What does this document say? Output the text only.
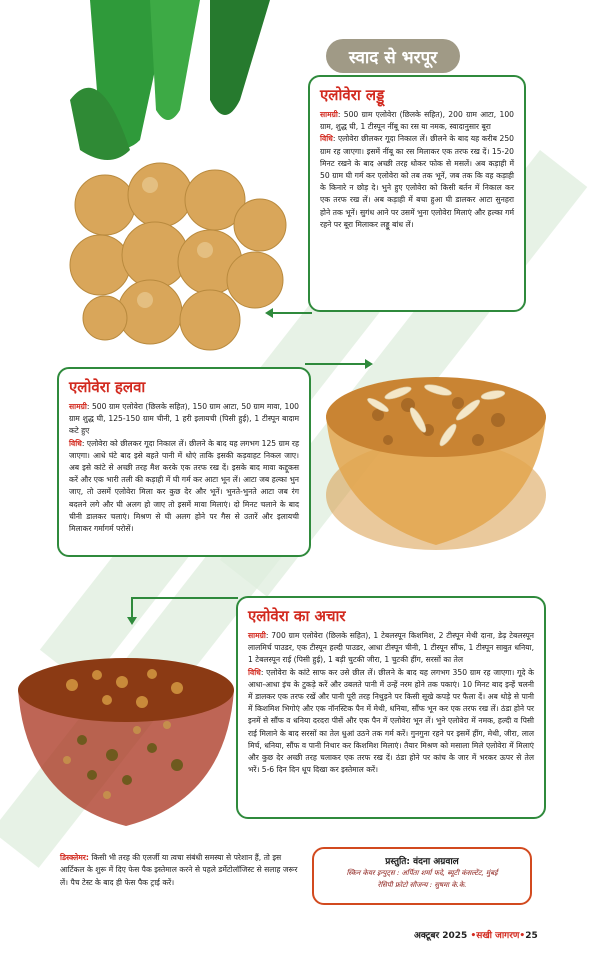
स्वाद से भरपूर
एलोवेरा लड्डू

सामग्री: 500 ग्राम एलोवेरा (छिलके सहित), 200 ग्राम आटा, 100 ग्राम, शुद्ध घी, 1 टीस्पून नींबू का रस या नमक, स्वादानुसार बूरा
विधि: एलोवेरा छीलकर गूदा निकाल लें। छीलने के बाद यह करीब 250 ग्राम रह जाएगा। इसमें नींबू का रस मिलाकर एक तरफ रख दें। 15-20 मिनट रखने के बाद अच्छी तरह धोकर फोक से मसलें। अब कड़ाही में 50 ग्राम घी गर्म कर एलोवेरा को तब तक भूनें, जब तक कि वह कड़ाही के किनारे न छोड़ दे। भुने हुए एलोवेरा को किसी बर्तन में निकाल कर एक तरफ रख लें। अब कड़ाही में बचा हुआ घी डालकर आटा सुनहरा होने तक भूनें। सुगंध आने पर उसमें भुना एलोवेरा मिलाएं और हल्का गर्म रहने पर बूरा मिलाकर लड्डू बांध लें।

एलोवेरा हलवा

सामग्री: 500 ग्राम एलोवेरा (छिलके सहित), 150 ग्राम आटा, 50 ग्राम मावा, 100 ग्राम शुद्ध घी, 125-150 ग्राम चीनी, 1 हरी इलायची (पिसी हुई), 1 टीस्पून बादाम कटे हुए
विधि: एलोवेरा को छीलकर गूदा निकाल लें। छीलने के बाद यह लगभग 125 ग्राम रह जाएगा। आधे घंटे बाद इसे बहते पानी में धोएं ताकि इसकी कड़वाहट निकल जाए। अब इसे कांटे से अच्छी तरह मैश करके एक तरफ रख दें। इसके बाद मावा कद्दूकस करें और एक भारी तली की कड़ाही में घी गर्म कर आटा भून लें। आटा जब हल्का भुन जाए, तो उसमें एलोवेरा मिला कर कुछ देर और भूनें। भुनते-भुनते आटा जब रंग बदलने लगे और घी अलग हो जाए तो इसमें मावा मिलाएं। दो मिनट चलाने के बाद चीनी डालकर चलाएं। मिश्रण से घी अलग होने पर गैस से उतारें और इलायची मिलाकर गर्मागर्म परोसें।

एलोवेरा का अचार

सामग्री: 700 ग्राम एलोवेरा (छिलके सहित), 1 टेबलस्पून किशमिश, 2 टीस्पून मेथी दाना, डेढ़ टेबलस्पून लालमिर्च पाउडर, एक टीस्पून हल्दी पाउडर, आधा टीस्पून चीनी, 1 टीस्पून सौंफ, 1 टीस्पून साबुत धनिया, 1 टेबलस्पून राई (पिसी हुई), 1 बड़ी चुटकी जीरा, 1 चुटकी हींग, सरसों का तेल
विधि: एलोवेरा के कांटे साफ कर उसे छील लें। छीलने के बाद यह लगभग 350 ग्राम रह जाएगा। गूदे के आधा-आधा इंच के टुकड़े करें और उबलते पानी में उन्हें नरम होने तक पकाएं। 10 मिनट बाद इन्हें चलनी में डालकर एक तरफ रखें और पानी पूरी तरह निथुड़ने पर किसी सूखे कपड़े पर फैला दें। अब थोड़े से पानी में किशमिश भिगोएं और एक नॉनस्टिक पैन में मेथी, धनिया, सौंफ भून कर एक तरफ रख लें। ठंडा होने पर इनमें से सौंफ व धनिया दरदरा पीसें और एक पैन में एलोवेरा भून लें। भुने एलोवेरा में नमक, हल्दी व पिसी राई मिलाने के बाद सरसों का तेल धुआं उठने तक गर्म करें। गुनगुना रहने पर इसमें हींग, मेथी, जीरा, लाल मिर्च, धनिया, सौंफ व पानी निथार कर किशमिश मिलाएं। तैयार मिश्रण को मसाला मिले एलोवेरा में मिलाएं और कुछ देर अच्छी तरह चलाकर एक तरफ रख दें। ठंडा होने पर कांच के जार में भरकर ऊपर से तेल भरें। 5-6 दिन दिन धूप दिखा कर इस्तेमाल करें।

डिस्क्लेमर: किसी भी तरह की एलर्जी या त्वचा संबंधी समस्या से परेशान हैं, तो इस आर्टिकल के शुरू में दिए फेस पैक इस्तेमाल करने से पहले डर्मेटोलॉजिस्ट से सलाह जरूर लें। पैच टेस्ट के बाद ही फेस पैक ट्राई करें।
प्रस्तुति: वंदना अग्रवाल
स्किन केयर इन्पुट्स : अर्पिता शर्मा फदे, ब्यूटी कंसल्टेंट, मुंबई
रेसिपी फ्रोटो सौजन्य : सुषमा के.के.
अक्टूबर 2025 •सखी जागरण•25
